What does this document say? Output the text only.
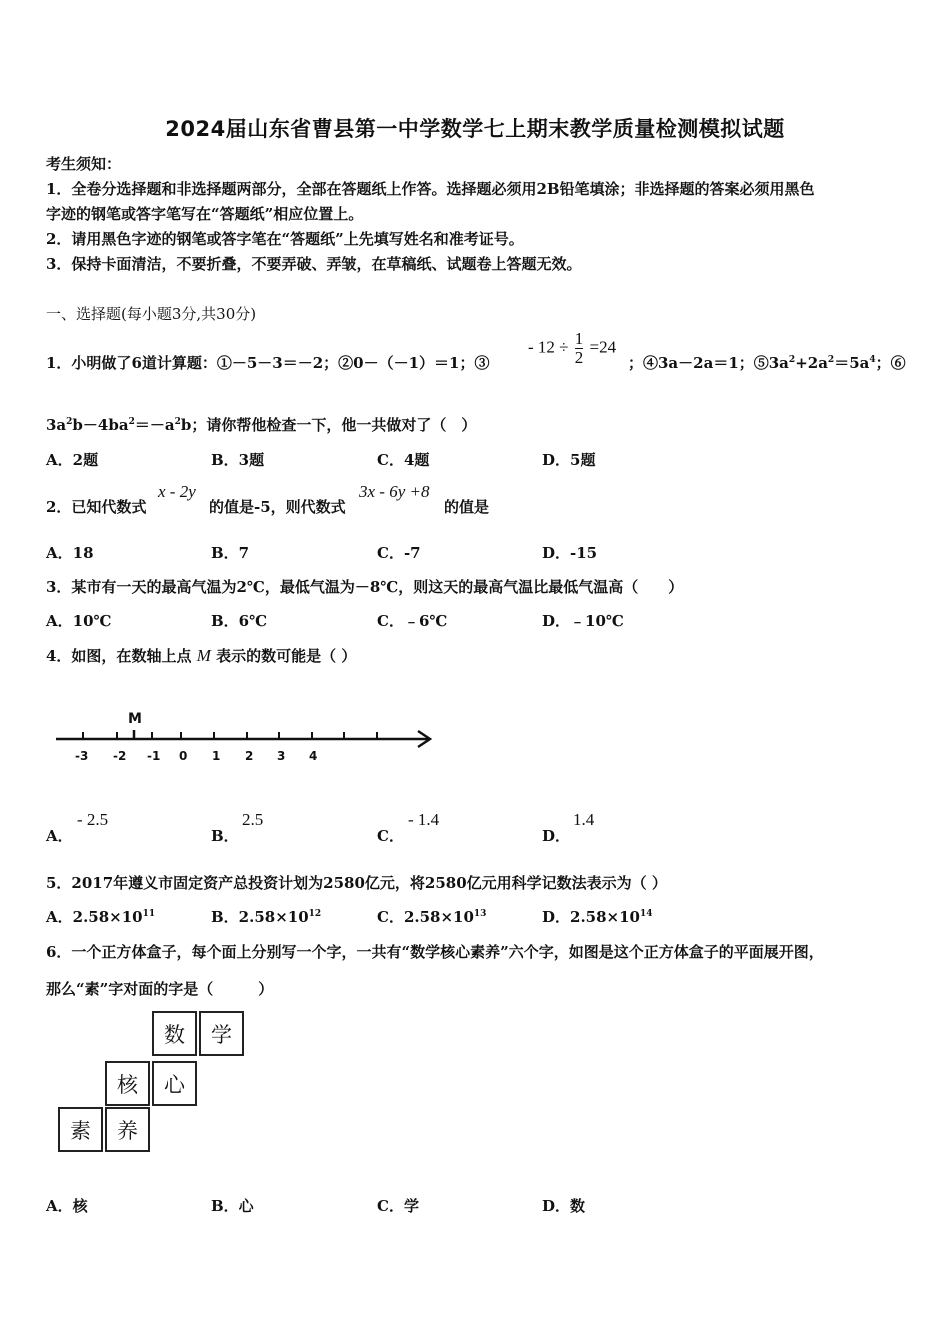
2024届山东省曹县第一中学数学七上期末教学质量检测模拟试题
考生须知：
1．全卷分选择题和非选择题两部分，全部在答题纸上作答。选择题必须用2B铅笔填涂；非选择题的答案必须用黑色
字迹的钢笔或答字笔写在“答题纸”相应位置上。
2．请用黑色字迹的钢笔或答字笔在“答题纸”上先填写姓名和准考证号。
3．保持卡面清洁，不要折叠，不要弄破、弄皱，在草稿纸、试题卷上答题无效。
一、选择题(每小题3分,共30分)
1．小明做了6道计算题：①－5－3＝－2；②0－（－1）＝1；③
- $12 \div \frac{1}{2} =24$
；④3a－2a＝1；$⑤3a^2+2a^2=5a^4$；⑥
$3a^2b-4ba^2=-a^2b$；请你帮他检查一下，他一共做对了（　）
A．2题	B．3题	C．4题	D．5题
2．已知代数式
x - 2y
的值是-5，则代数式
3x - 6y +8
的值是
A．18	B．7	C．-7	D．-15
3．某市有一天的最高气温为2℃，最低气温为－8℃，则这天的最高气温比最低气温高（　　）
A．10℃	B．6℃	C．﹣6℃	D．﹣10℃
4．如图，在数轴上点 M 表示的数可能是（ ）
M
-3 -2 -1 0 1 2 3 4
A．
- 2.5
B．
2.5
C．
- 1.4
D．
1.4
5．2017年遵义市固定资产总投资计划为2580亿元，将2580亿元用科学记数法表示为（ ）
A．$2.58\times 10^{11}$	B．$2.58\times 10^{12}$	C．$2.58\times 10^{13}$	D．$2.58\times 10^{14}$
6．一个正方体盒子，每个面上分别写一个字，一共有“数学核心素养”六个字，如图是这个正方体盒子的平面展开图，
那么“素”字对面的字是（　　　）
数	学
核	心
素	养
A．核	B．心	C．学	D．数
